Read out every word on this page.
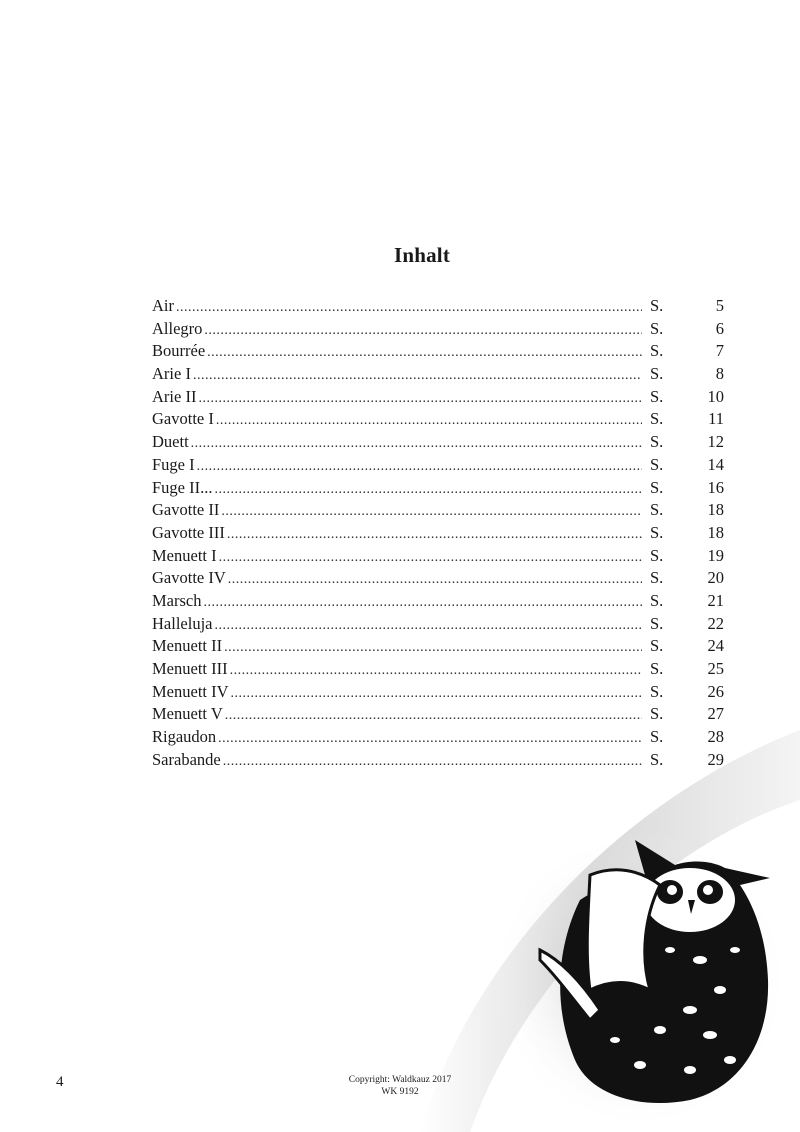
Inhalt
Air .....	S.	5
Allegro .....	S.	6
Bourrée .....	S.	7
Arie I .....	S.	8
Arie II .....	S.	10
Gavotte I .....	S.	11
Duett .....	S.	12
Fuge I .....	S.	14
Fuge II... .....	S.	16
Gavotte II .....	S.	18
Gavotte III .....	S.	18
Menuett I .....	S.	19
Gavotte IV .....	S.	20
Marsch .....	S.	21
Halleluja .....	S.	22
Menuett II .....	S.	24
Menuett III .....	S.	25
Menuett IV .....	S.	26
Menuett V .....	S.	27
Rigaudon .....	S.	28
Sarabande .....	S.	29
4	Copyright: Waldkauz 2017
WK 9192
